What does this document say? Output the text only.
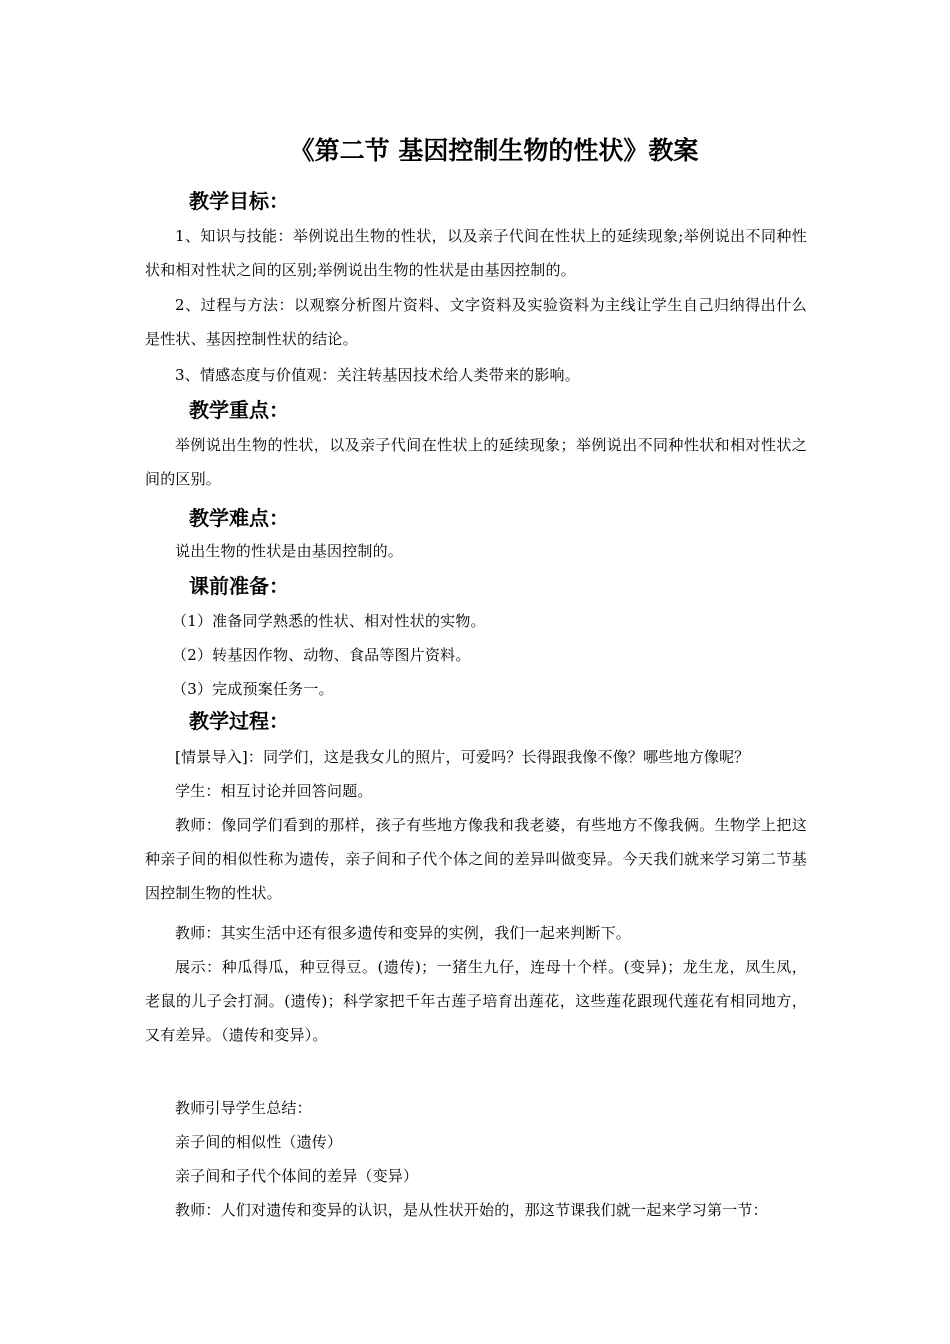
《第二节 基因控制生物的性状》教案
教学目标：
1、知识与技能：举例说出生物的性状，以及亲子代间在性状上的延续现象;举例说出不同种性状和相对性状之间的区别;举例说出生物的性状是由基因控制的。
2、过程与方法：以观察分析图片资料、文字资料及实验资料为主线让学生自己归纳得出什么是性状、基因控制性状的结论。
3、情感态度与价值观：关注转基因技术给人类带来的影响。
教学重点：
举例说出生物的性状，以及亲子代间在性状上的延续现象；举例说出不同种性状和相对性状之间的区别。
教学难点：
说出生物的性状是由基因控制的。
课前准备：
（1）准备同学熟悉的性状、相对性状的实物。
（2）转基因作物、动物、食品等图片资料。
（3）完成预案任务一。
教学过程：
[情景导入]：同学们，这是我女儿的照片，可爱吗？长得跟我像不像？哪些地方像呢？
学生：相互讨论并回答问题。
教师：像同学们看到的那样，孩子有些地方像我和我老婆，有些地方不像我俩。生物学上把这种亲子间的相似性称为遗传，亲子间和子代个体之间的差异叫做变异。今天我们就来学习第二节基因控制生物的性状。
教师：其实生活中还有很多遗传和变异的实例，我们一起来判断下。
展示：种瓜得瓜，种豆得豆。(遗传)；一猪生九仔，连母十个样。(变异)；龙生龙，凤生凤，老鼠的儿子会打洞。(遗传)；科学家把千年古莲子培育出莲花，这些莲花跟现代莲花有相同地方，又有差异。（遗传和变异）。
教师引导学生总结：
亲子间的相似性（遗传）
亲子间和子代个体间的差异（变异）
教师：人们对遗传和变异的认识，是从性状开始的，那这节课我们就一起来学习第一节：
